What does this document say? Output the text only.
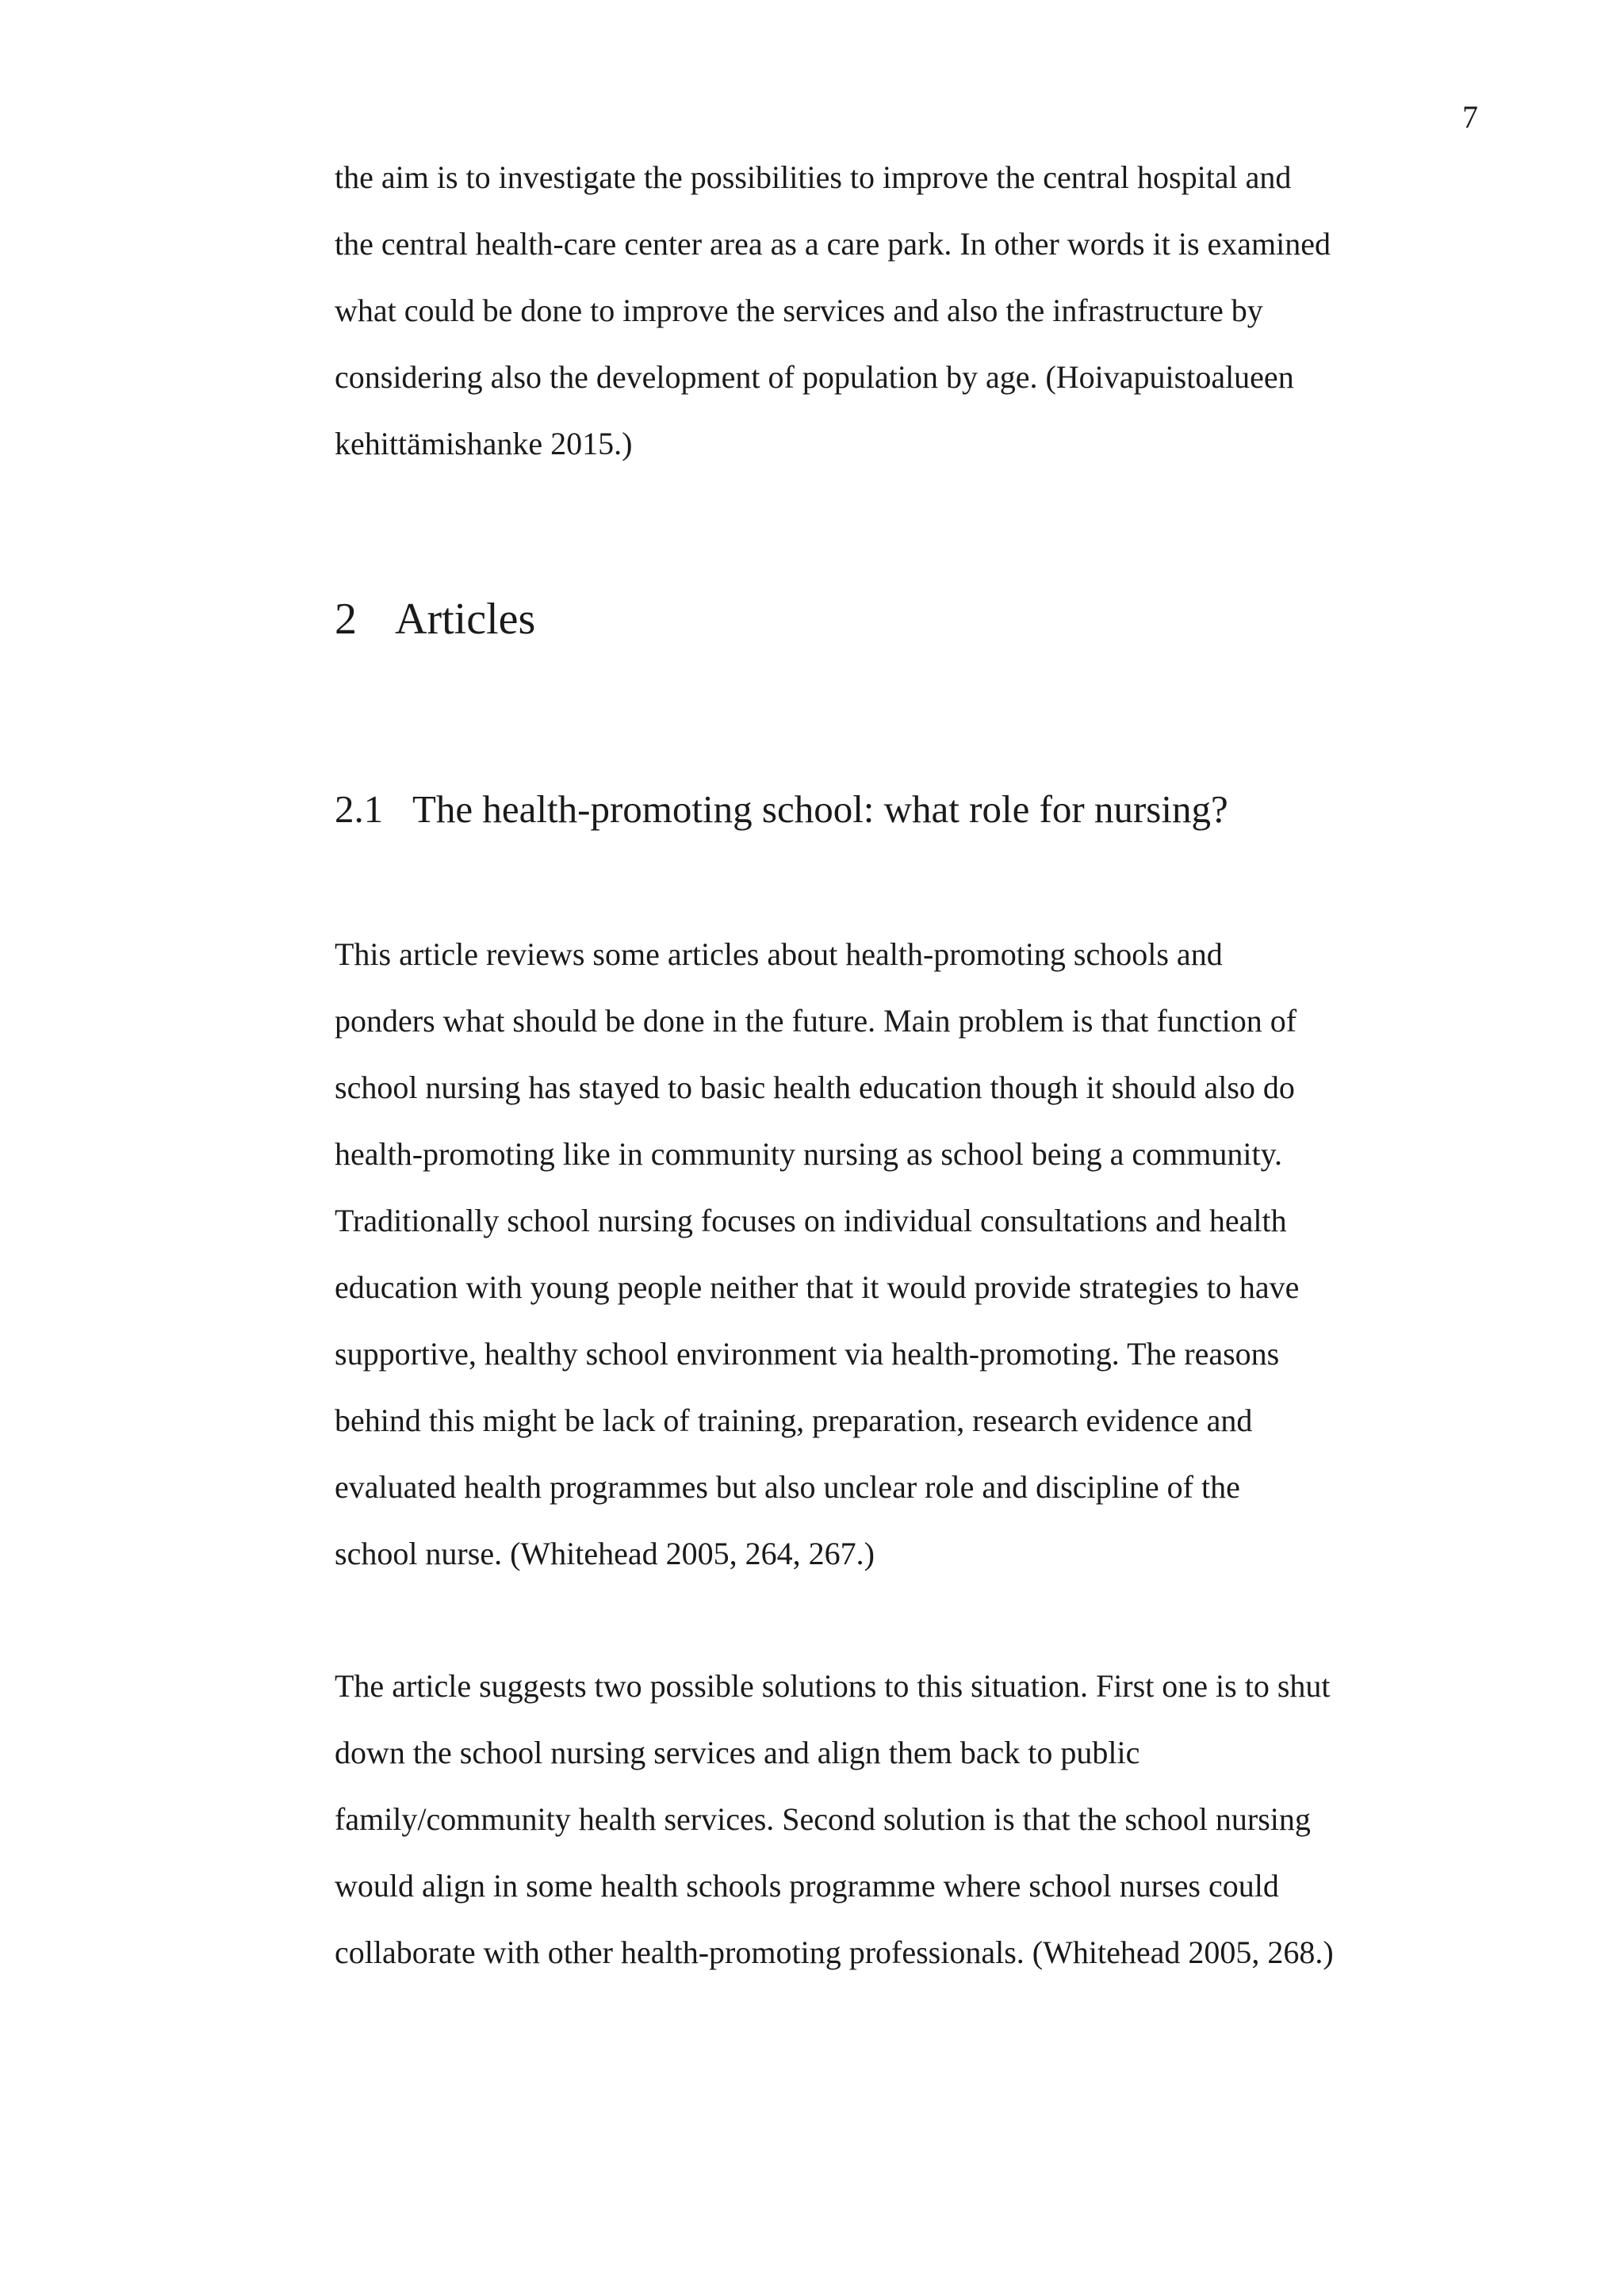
7

the aim is to investigate the possibilities to improve the central hospital and
the central health-care center area as a care park. In other words it is examined
what could be done to improve the services and also the infrastructure by
considering also the development of population by age. (Hoivapuistoalueen
kehittämishanke 2015.)

2 Articles
2.1 The health-promoting school: what role for nursing?

This article reviews some articles about health-promoting schools and
ponders what should be done in the future. Main problem is that function of
school nursing has stayed to basic health education though it should also do
health-promoting like in community nursing as school being a community.
Traditionally school nursing focuses on individual consultations and health
education with young people neither that it would provide strategies to have
supportive, healthy school environment via health-promoting. The reasons
behind this might be lack of training, preparation, research evidence and
evaluated health programmes but also unclear role and discipline of the
school nurse. (Whitehead 2005, 264, 267.)

The article suggests two possible solutions to this situation. First one is to shut
down the school nursing services and align them back to public
family/community health services. Second solution is that the school nursing
would align in some health schools programme where school nurses could
collaborate with other health-promoting professionals. (Whitehead 2005, 268.)
